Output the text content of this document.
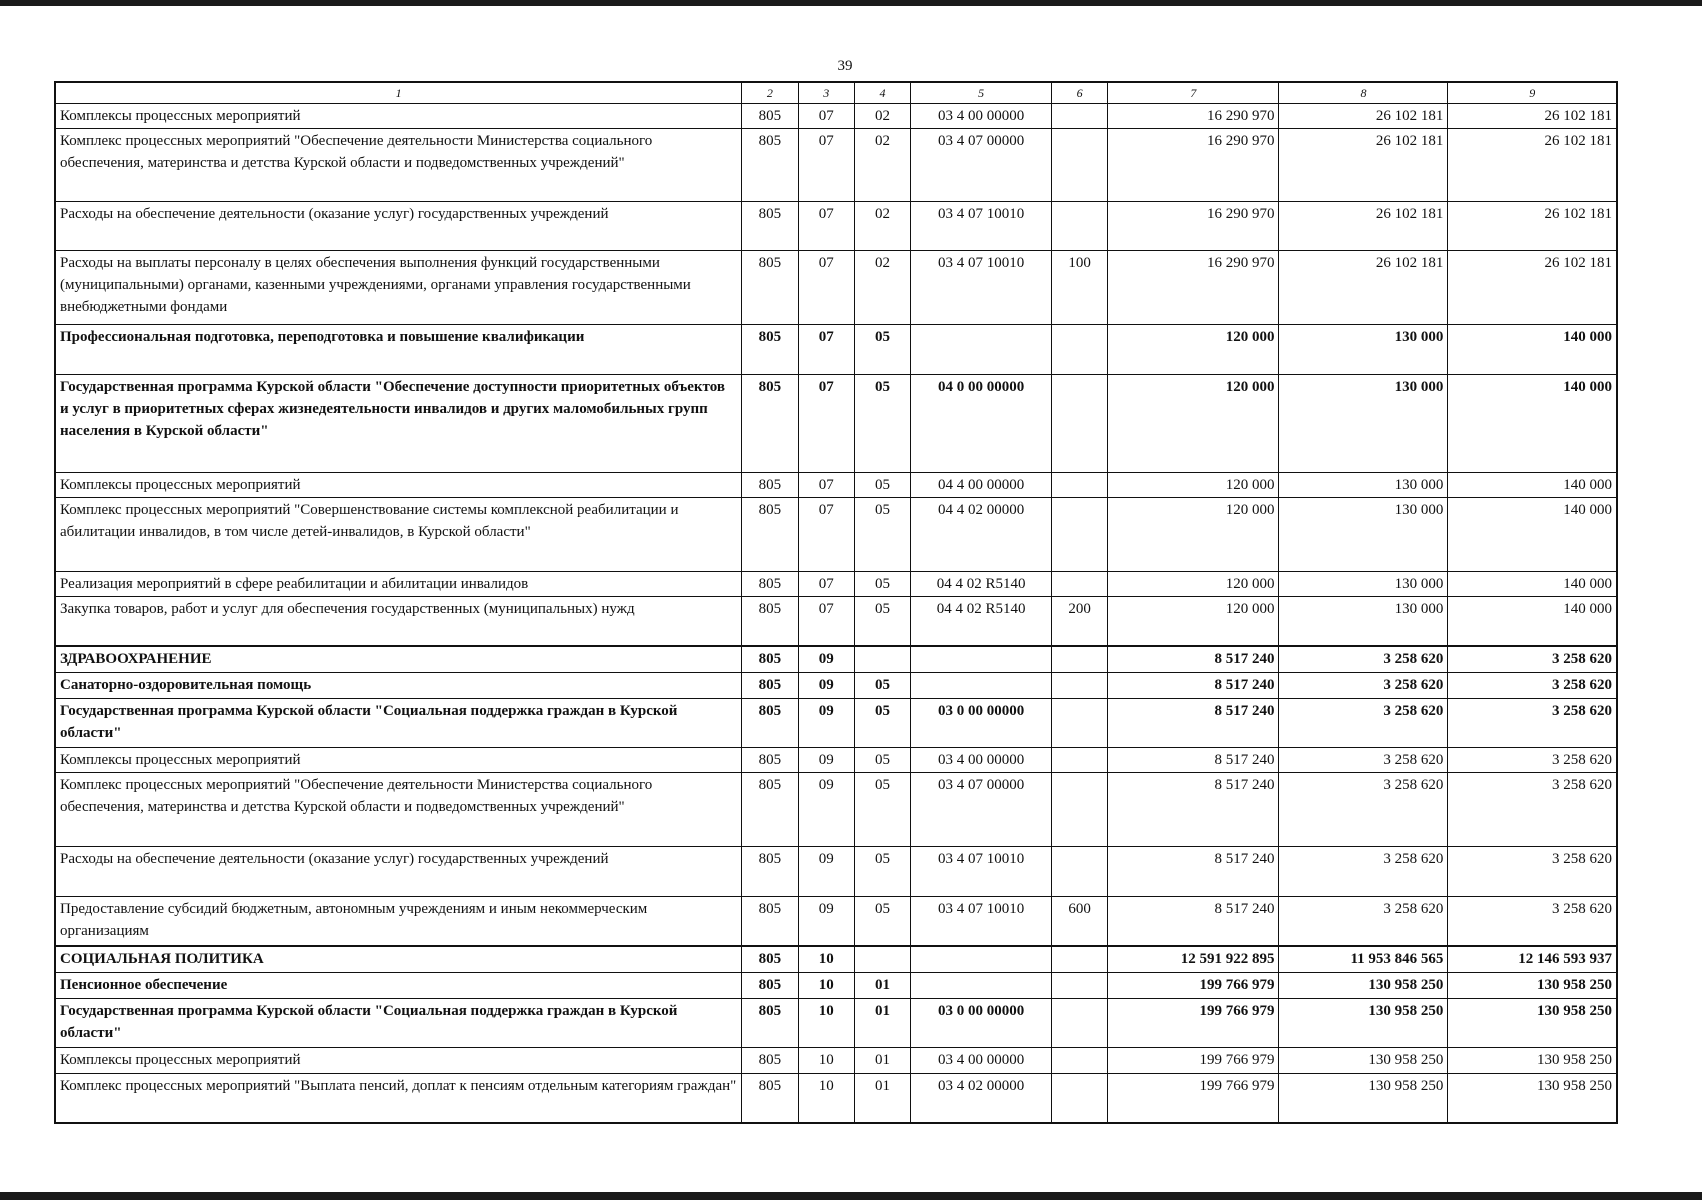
39
1	2	3	4	5	6	7	8	9
Комплексы процессных мероприятий	805	07	02	03 4 00 00000		16 290 970	26 102 181	26 102 181
Комплекс процессных мероприятий "Обеспечение деятельности Министерства социального обеспечения, материнства и детства Курской области и подведомственных учреждений"	805	07	02	03 4 07 00000		16 290 970	26 102 181	26 102 181
Расходы на обеспечение деятельности (оказание услуг) государственных учреждений	805	07	02	03 4 07 10010		16 290 970	26 102 181	26 102 181
Расходы на выплаты персоналу в целях обеспечения выполнения функций государственными (муниципальными) органами, казенными учреждениями, органами управления государственными внебюджетными фондами	805	07	02	03 4 07 10010	100	16 290 970	26 102 181	26 102 181
Профессиональная подготовка, переподготовка и повышение квалификации	805	07	05			120 000	130 000	140 000
Государственная программа Курской области "Обеспечение доступности приоритетных объектов и услуг в приоритетных сферах жизнедеятельности инвалидов и других маломобильных групп населения в Курской области"	805	07	05	04 0 00 00000		120 000	130 000	140 000
Комплексы процессных мероприятий	805	07	05	04 4 00 00000		120 000	130 000	140 000
Комплекс процессных мероприятий "Совершенствование системы комплексной реабилитации и абилитации инвалидов, в том числе детей-инвалидов, в Курской области"	805	07	05	04 4 02 00000		120 000	130 000	140 000
Реализация мероприятий в сфере реабилитации и абилитации инвалидов	805	07	05	04 4 02 R5140		120 000	130 000	140 000
Закупка товаров, работ и услуг для обеспечения государственных (муниципальных) нужд	805	07	05	04 4 02 R5140	200	120 000	130 000	140 000
ЗДРАВООХРАНЕНИЕ	805	09				8 517 240	3 258 620	3 258 620
Санаторно-оздоровительная помощь	805	09	05			8 517 240	3 258 620	3 258 620
Государственная программа Курской области "Социальная поддержка граждан в Курской области"	805	09	05	03 0 00 00000		8 517 240	3 258 620	3 258 620
Комплексы процессных мероприятий	805	09	05	03 4 00 00000		8 517 240	3 258 620	3 258 620
Комплекс процессных мероприятий "Обеспечение деятельности Министерства социального обеспечения, материнства и детства Курской области и подведомственных учреждений"	805	09	05	03 4 07 00000		8 517 240	3 258 620	3 258 620
Расходы на обеспечение деятельности (оказание услуг) государственных учреждений	805	09	05	03 4 07 10010		8 517 240	3 258 620	3 258 620
Предоставление субсидий бюджетным, автономным учреждениям и иным некоммерческим организациям	805	09	05	03 4 07 10010	600	8 517 240	3 258 620	3 258 620
СОЦИАЛЬНАЯ ПОЛИТИКА	805	10				12 591 922 895	11 953 846 565	12 146 593 937
Пенсионное обеспечение	805	10	01			199 766 979	130 958 250	130 958 250
Государственная программа Курской области "Социальная поддержка граждан в Курской области"	805	10	01	03 0 00 00000		199 766 979	130 958 250	130 958 250
Комплексы процессных мероприятий	805	10	01	03 4 00 00000		199 766 979	130 958 250	130 958 250
Комплекс процессных мероприятий "Выплата пенсий, доплат к пенсиям отдельным категориям граждан"	805	10	01	03 4 02 00000		199 766 979	130 958 250	130 958 250
